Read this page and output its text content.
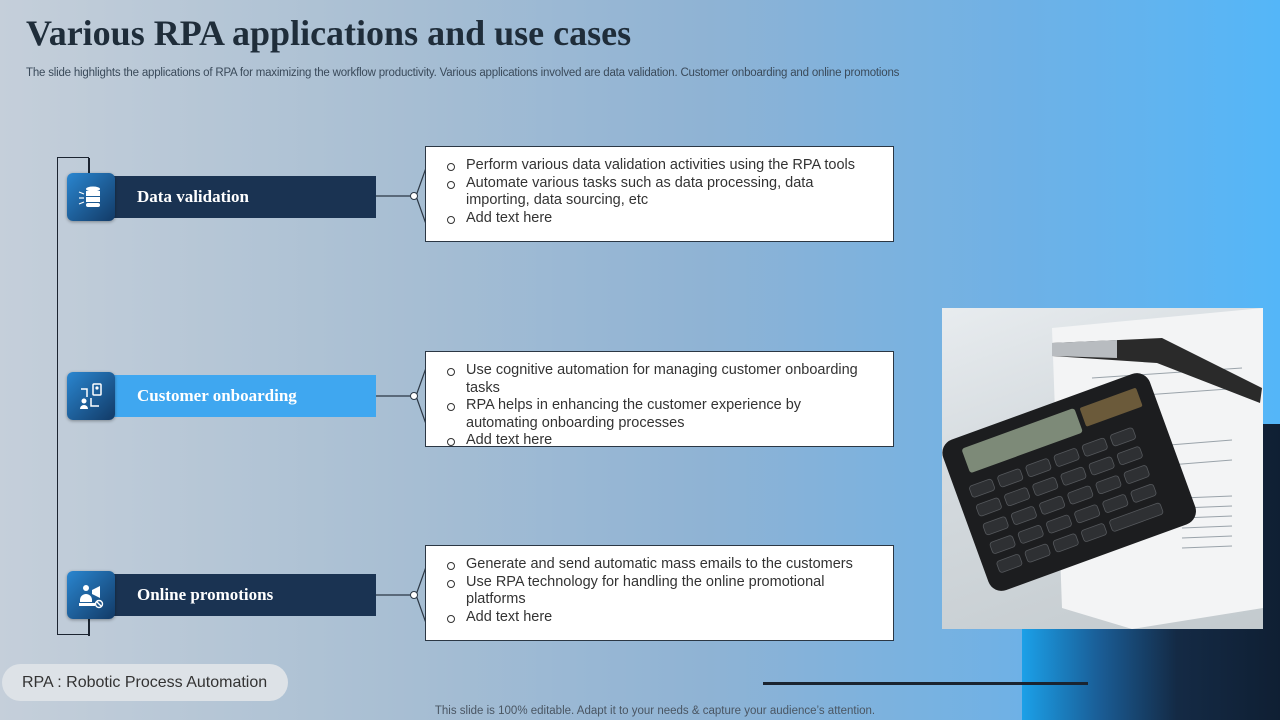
Various RPA applications and use cases
The slide highlights the applications of RPA for maximizing the workflow productivity. Various applications involved are data validation. Customer onboarding and online promotions
Data validation
Perform various data validation activities using the RPA tools
Automate various tasks such as data processing, data importing, data sourcing, etc
Add text here
Customer onboarding
Use cognitive automation for managing customer onboarding tasks
RPA helps in enhancing the customer experience by automating onboarding processes
Add text here
Online promotions
Generate and send automatic mass emails to the customers
Use RPA technology for handling the online promotional platforms
Add text here
RPA : Robotic Process Automation
This slide is 100% editable. Adapt it to your needs & capture your audience’s attention.
